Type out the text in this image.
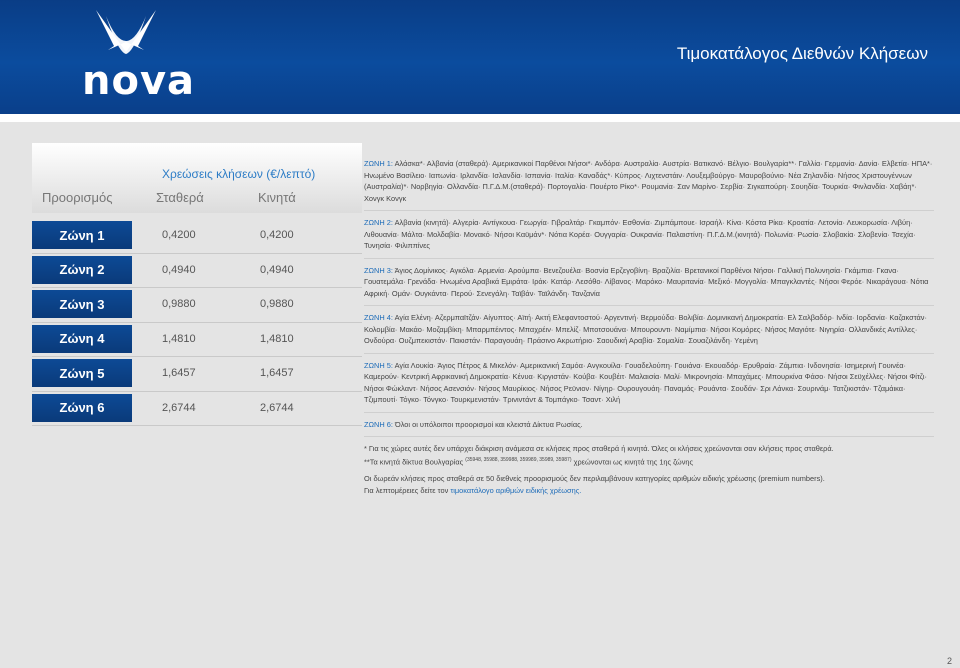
nova
Τιμοκατάλογος Διεθνών Κλήσεων
Χρεώσεις κλήσεων (€/λεπτό)
Προορισμός	Σταθερά	Κινητά
Ζώνη 1	0,4200	0,4200
Ζώνη 2	0,4940	0,4940
Ζώνη 3	0,9880	0,9880
Ζώνη 4	1,4810	1,4810
Ζώνη 5	1,6457	1,6457
Ζώνη 6	2,6744	2,6744
ΖΩΝΗ 1: Αλάσκα*· Αλβανία (σταθερά)· Αμερικανικοί Παρθένοι Νήσοι*· Ανδόρα· Αυστραλία· Αυστρία· Βατικανό· Βέλγιο· Βουλγαρία**· Γαλλία· Γερμανία· Δανία· Ελβετία· ΗΠΑ*· Ηνωμένο Βασίλειο· Ιαπωνία· Ιρλανδία· Ισλανδία· Ισπανία· Ιταλία· Καναδάς*· Κύπρος· Λιχτενστάιν· Λουξεμβούργο· Μαυροβούνιο· Νέα Ζηλανδία· Νήσος Χριστουγέννων (Αυστραλία)*· Νορβηγία· Ολλανδία· Π.Γ.Δ.Μ.(σταθερά)· Πορτογαλία· Πουέρτο Ρίκο*· Ρουμανία· Σαν Μαρίνο· Σερβία· Σιγκαπούρη· Σουηδία· Τουρκία· Φινλανδία· Χαβάη*· Χονγκ Κονγκ
ΖΩΝΗ 2: Αλβανία (κινητά)· Αλγερία· Αντίγκουα· Γεωργία· Γιβραλτάρ· Γκαμπόν· Εσθονία· Ζιμπάμπουε· Ισραήλ· Κίνα· Κόστα Ρίκα· Κροατία· Λετονία· Λευκορωσία· Λιβύη· Λιθουανία· Μάλτα· Μολδαβία· Μονακό· Νήσοι Καϋμάν*· Νότια Κορέα· Ουγγαρία· Ουκρανία· Παλαιστίνη· Π.Γ.Δ.Μ.(κινητά)· Πολωνία· Ρωσία· Σλοβακία· Σλοβενία· Τσεχία· Τυνησία· Φιλιππίνες
ΖΩΝΗ 3: Άγιος Δομίνικος· Αγκόλα· Αρμενία· Αρούμπα· Βενεζουέλα· Βοσνία Ερζεγοβίνη· Βραζιλία· Βρετανικοί Παρθένοι Νήσοι· Γαλλική Πολυνησία· Γκάμπια· Γκανα· Γουατεμάλα· Γρενάδα· Ηνωμένα Αραβικά Εμιράτα· Ιράκ· Κατάρ· Λεσόθο· Λίβανος· Μαρόκο· Μαυριτανία· Μεξικό· Μογγολία· Μπαγκλαντές· Νήσοι Φερόε· Νικαράγουα· Νότια Αφρική· Ομάν· Ουγκάντα· Περού· Σενεγάλη· Ταϊβάν· Ταϊλάνδη· Τανζανία
ΖΩΝΗ 4: Αγία Ελένη· Αζερμπαϊτζάν· Αίγυπτος· Αϊτή· Ακτή Ελεφαντοστού· Αργεντινή· Βερμούδα· Βολιβία· Δομινικανή Δημοκρατία· Ελ Σαλβαδόρ· Ινδία· Ιορδανία· Καζακστάν· Κολομβία· Μακάο· Μοζαμβίκη· Μπαρμπέιντος· Μπαχρέιν· Μπελίζ· Μποτσουάνα· Μπουρουντι· Ναμίμπια· Νήσοι Κομόρες· Νήσος Μαγιότε· Νιγηρία· Ολλανδικές Αντίλλες· Ονδούρα· Ουζμπεκιστάν· Πακιστάν· Παραγουάη· Πράσινο Ακρωτήριο· Σαουδική Αραβία· Σομαλία· Σουαζιλάνδη· Υεμένη
ΖΩΝΗ 5: Αγία Λουκία· Άγιος Πέτρος & Μικελόν· Αμερικανική Σαμόα· Ανγκουίλα· Γουαδελούπη· Γουιάνα· Εκουαδόρ· Ερυθραία· Ζάμπια· Ινδονησία· Ισημερινή Γουινέα· Καμερούν· Κεντρική Αφρικανική Δημοκρατία· Κένυα· Κιργιστάν· Κούβα· Κουβέιτ· Μαλαισία· Μαλί· Μικρονησία· Μπαχάμες· Μπουρκίνα Φάσο· Νήσοι Σεϋχέλλες· Νήσοι Φίτζι· Νήσοι Φώκλαντ· Νήσος Ασενσιόν· Νήσος Μαυρίκιος· Νήσος Ρεϋνιον· Νίγηρ· Ουρουγουάη· Παναμάς· Ρουάντα· Σουδάν· Σρι Λάνκα· Σουρινάμ· Τατζικιστάν· Τζαμάικα· Τζιμπουτί· Τόγκο· Τόνγκο· Τουρκμενιστάν· Τρινιντάντ & Τομπάγκο· Τσαντ· Χιλή
ΖΩΝΗ 6: Όλοι οι υπόλοιποι προορισμοί και κλειστά Δίκτυα Ρωσίας.
* Για τις χώρες αυτές δεν υπάρχει διάκριση ανάμεσα σε κλήσεις προς σταθερά ή κινητά. Όλες οι κλήσεις χρεώνονται σαν κλήσεις προς σταθερά.
**Τα κινητά δίκτυα Βουλγαρίας $^{(35948, 35988, 359988, 359989, 35989, 35987)}$ χρεώνονται ως κινητά της 1ης ζώνης
Οι δωρεάν κλήσεις προς σταθερά σε 50 διεθνείς προορισμούς δεν περιλαμβάνουν κατηγορίες αριθμών ειδικής χρέωσης (premium numbers).
Για λεπτομέρειες δείτε τον τιμοκατάλογο αριθμών ειδικής χρέωσης.
2
